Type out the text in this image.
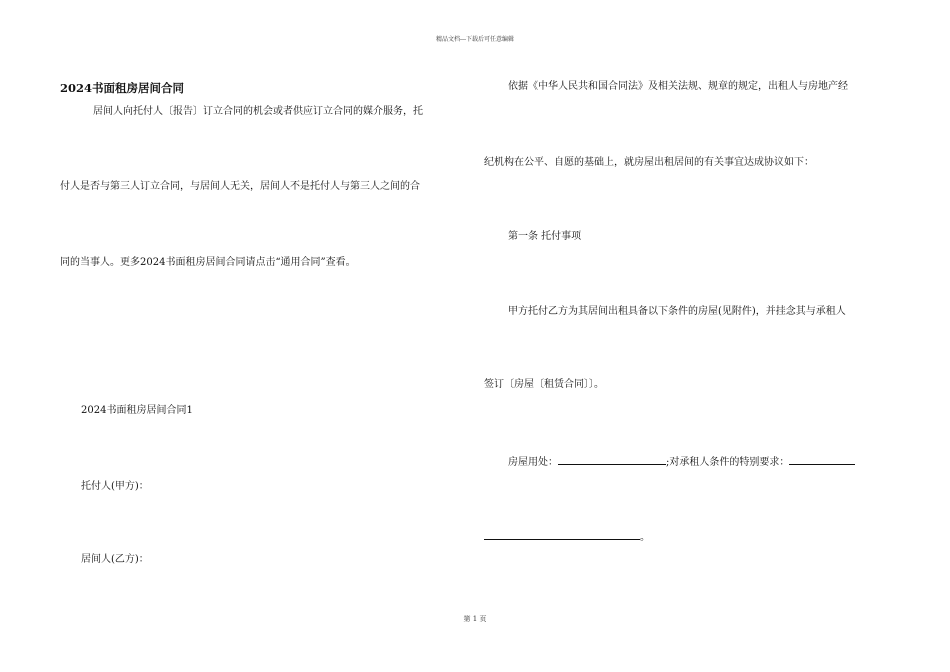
精品文档---下载后可任意编辑
2024书面租房居间合同
居间人向托付人〔报告〕订立合同的机会或者供应订立合同的媒介服务，托
付人是否与第三人订立合同，与居间人无关，居间人不是托付人与第三人之间的合
同的当事人。更多2024书面租房居间合同请点击“通用合同”查看。
2024书面租房居间合同1
托付人(甲方)：
居间人(乙方)：
依据《中华人民共和国合同法》及相关法规、规章的规定，出租人与房地产经
纪机构在公平、自愿的基础上，就房屋出租居间的有关事宜达成协议如下：
第一条 托付事项
甲方托付乙方为其居间出租具备以下条件的房屋(见附件)，并挂念其与承租人
签订〔房屋〔租赁合同〕〕。
房屋用处：	;对承租人条件的特别要求：
。
第 1 页
